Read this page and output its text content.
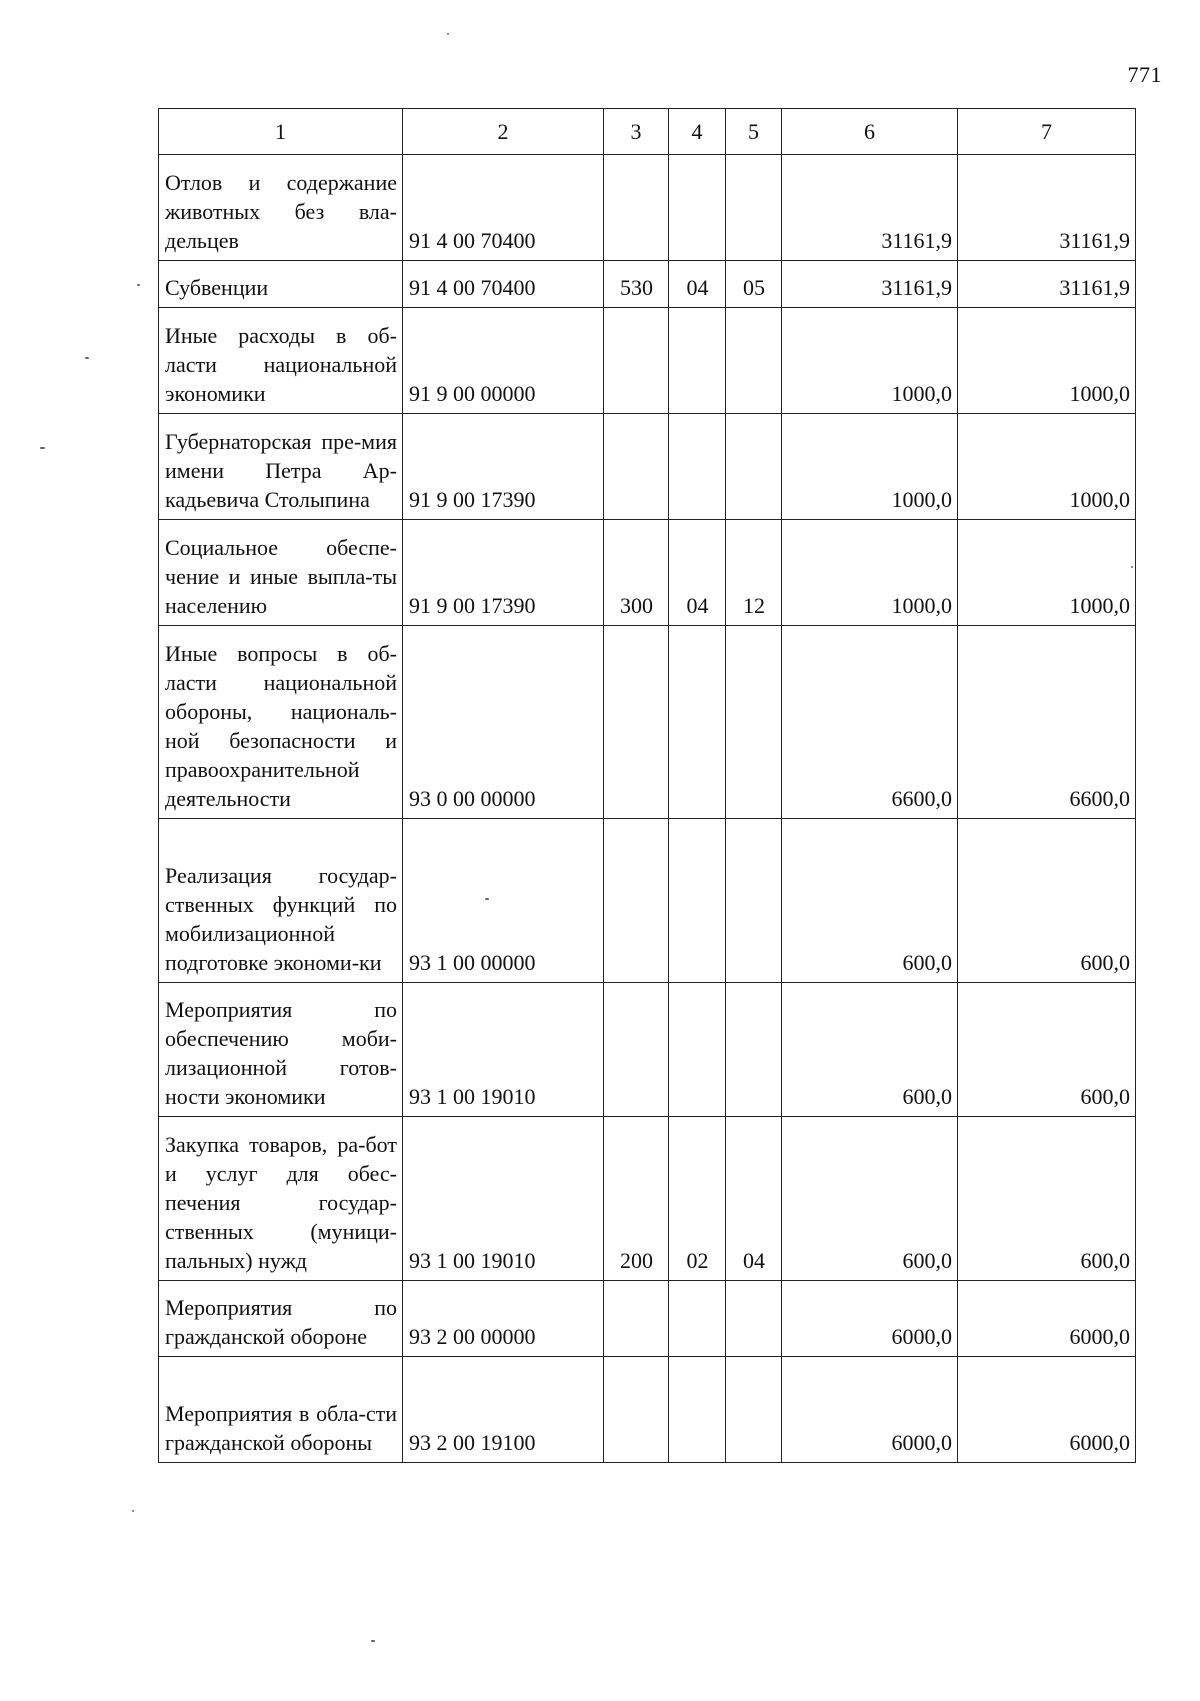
771
1	2	3	4	5	6	7
Отлов и содержание животных без вла-дельцев	91 4 00 70400				31161,9	31161,9
Субвенции	91 4 00 70400	530	04	05	31161,9	31161,9
Иные расходы в об-ласти национальной экономики	91 9 00 00000				1000,0	1000,0
Губернаторская пре-мия имени Петра Ар-кадьевича Столыпина	91 9 00 17390				1000,0	1000,0
Социальное обеспе-чение и иные выпла-ты населению	91 9 00 17390	300	04	12	1000,0	1000,0
Иные вопросы в об-ласти национальной обороны, националь-ной безопасности и правоохранительной деятельности	93 0 00 00000				6600,0	6600,0
Реализация государ-ственных функций по мобилизационной подготовке экономи-ки	93 1 00 00000				600,0	600,0
Мероприятия по обеспечению моби-лизационной готов-ности экономики	93 1 00 19010				600,0	600,0
Закупка товаров, ра-бот и услуг для обес-печения государ-ственных (муници-пальных) нужд	93 1 00 19010	200	02	04	600,0	600,0
Мероприятия по гражданской обороне	93 2 00 00000				6000,0	6000,0
Мероприятия в обла-сти гражданской обороны	93 2 00 19100				6000,0	6000,0
